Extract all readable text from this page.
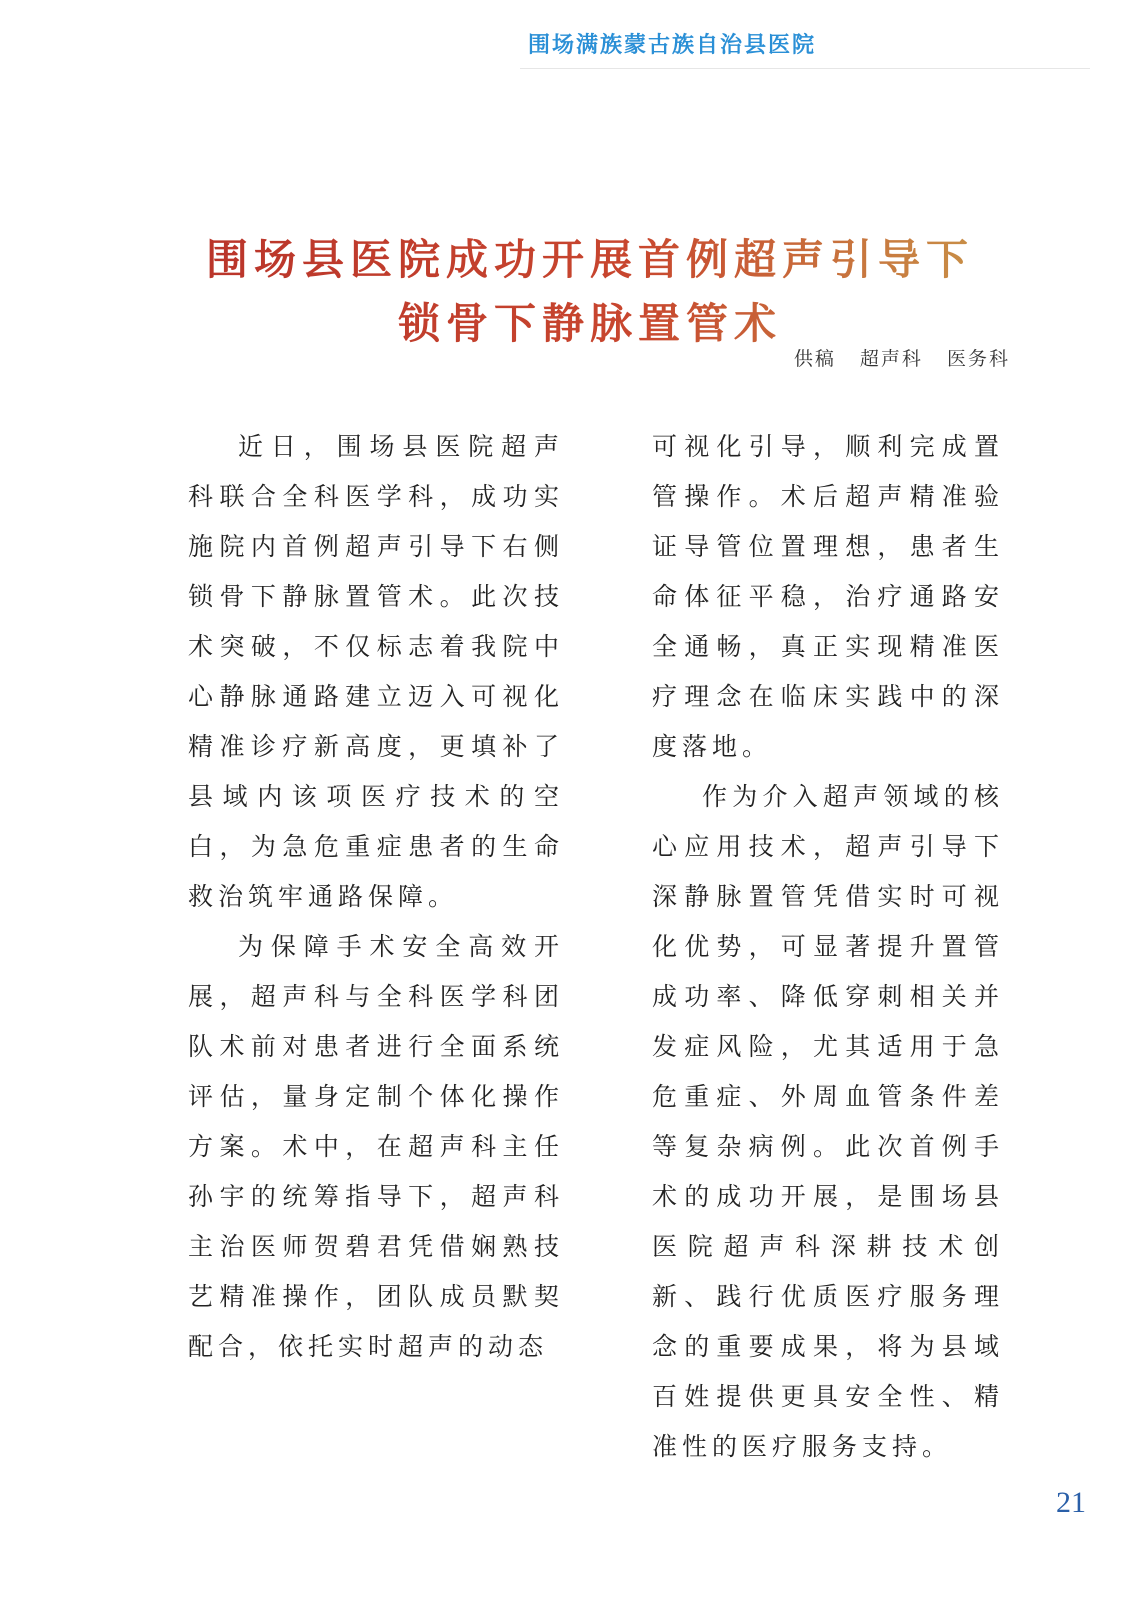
围场满族蒙古族自治县医院
围场县医院成功开展首例超声引导下
锁骨下静脉置管术
供稿 超声科 医务科

近日，围场县医院超声科联合全科医学科，成功实施院内首例超声引导下右侧锁骨下静脉置管术。此次技术突破，不仅标志着我院中心静脉通路建立迈入可视化精准诊疗新高度，更填补了县域内该项医疗技术的空白，为急危重症患者的生命救治筑牢通路保障。

为保障手术安全高效开展，超声科与全科医学科团队术前对患者进行全面系统评估，量身定制个体化操作方案。术中，在超声科主任孙宇的统筹指导下，超声科主治医师贺碧君凭借娴熟技艺精准操作，团队成员默契配合，依托实时超声的动态

可视化引导，顺利完成置管操作。术后超声精准验证导管位置理想，患者生命体征平稳，治疗通路安全通畅，真正实现精准医疗理念在临床实践中的深度落地。

作为介入超声领域的核心应用技术，超声引导下深静脉置管凭借实时可视化优势，可显著提升置管成功率、降低穿刺相关并发症风险，尤其适用于急危重症、外周血管条件差等复杂病例。此次首例手术的成功开展，是围场县医院超声科深耕技术创新、践行优质医疗服务理念的重要成果，将为县域百姓提供更具安全性、精准性的医疗服务支持。

21
